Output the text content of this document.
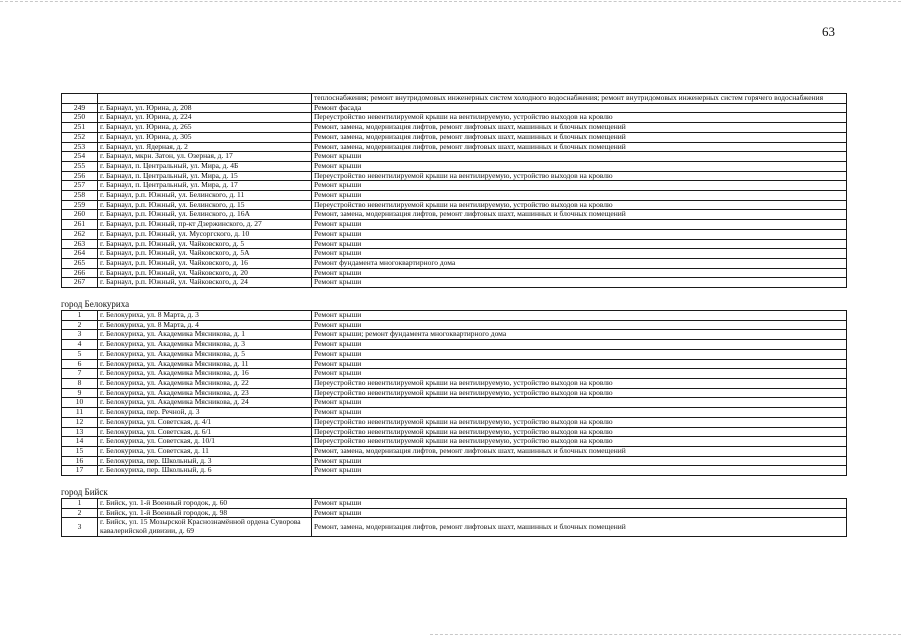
63
		теплоснабжения; ремонт внутридомовых инженерных систем холодного водоснабжения; ремонт внутридомовых инженерных систем горячего водоснабжения
249	г. Барнаул, ул. Юрина, д. 208	Ремонт фасада
250	г. Барнаул, ул. Юрина, д. 224	Переустройство невентилируемой крыши на вентилируемую, устройство выходов на кровлю
251	г. Барнаул, ул. Юрина, д. 265	Ремонт, замена, модернизация лифтов, ремонт лифтовых шахт, машинных и блочных помещений
252	г. Барнаул, ул. Юрина, д. 305	Ремонт, замена, модернизация лифтов, ремонт лифтовых шахт, машинных и блочных помещений
253	г. Барнаул, ул. Ядерная, д. 2	Ремонт, замена, модернизация лифтов, ремонт лифтовых шахт, машинных и блочных помещений
254	г. Барнаул, мкрн. Затон, ул. Озерная, д. 17	Ремонт крыши
255	г. Барнаул, п. Центральный, ул. Мира, д. 4Б	Ремонт крыши
256	г. Барнаул, п. Центральный, ул. Мира, д. 15	Переустройство невентилируемой крыши на вентилируемую, устройство выходов на кровлю
257	г. Барнаул, п. Центральный, ул. Мира, д. 17	Ремонт крыши
258	г. Барнаул, р.п. Южный, ул. Белинского, д. 11	Ремонт крыши
259	г. Барнаул, р.п. Южный, ул. Белинского, д. 15	Переустройство невентилируемой крыши на вентилируемую, устройство выходов на кровлю
260	г. Барнаул, р.п. Южный, ул. Белинского, д. 16А	Ремонт, замена, модернизация лифтов, ремонт лифтовых шахт, машинных и блочных помещений
261	г. Барнаул, р.п. Южный, пр-кт Дзержинского, д. 27	Ремонт крыши
262	г. Барнаул, р.п. Южный, ул. Мусоргского, д. 10	Ремонт крыши
263	г. Барнаул, р.п. Южный, ул. Чайковского, д. 5	Ремонт крыши
264	г. Барнаул, р.п. Южный, ул. Чайковского, д. 5А	Ремонт крыши
265	г. Барнаул, р.п. Южный, ул. Чайковского, д. 16	Ремонт фундамента многоквартирного дома
266	г. Барнаул, р.п. Южный, ул. Чайковского, д. 20	Ремонт крыши
267	г. Барнаул, р.п. Южный, ул. Чайковского, д. 24	Ремонт крыши
город Белокуриха
1	г. Белокуриха, ул. 8 Марта, д. 3	Ремонт крыши
2	г. Белокуриха, ул. 8 Марта, д. 4	Ремонт крыши
3	г. Белокуриха, ул. Академика Мясникова, д. 1	Ремонт крыши; ремонт фундамента многоквартирного дома
4	г. Белокуриха, ул. Академика Мясникова, д. 3	Ремонт крыши
5	г. Белокуриха, ул. Академика Мясникова, д. 5	Ремонт крыши
6	г. Белокуриха, ул. Академика Мясникова, д. 11	Ремонт крыши
7	г. Белокуриха, ул. Академика Мясникова, д. 16	Ремонт крыши
8	г. Белокуриха, ул. Академика Мясникова, д. 22	Переустройство невентилируемой крыши на вентилируемую, устройство выходов на кровлю
9	г. Белокуриха, ул. Академика Мясникова, д. 23	Переустройство невентилируемой крыши на вентилируемую, устройство выходов на кровлю
10	г. Белокуриха, ул. Академика Мясникова, д. 24	Ремонт крыши
11	г. Белокуриха, пер. Речной, д. 3	Ремонт крыши
12	г. Белокуриха, ул. Советская, д. 4/1	Переустройство невентилируемой крыши на вентилируемую, устройство выходов на кровлю
13	г. Белокуриха, ул. Советская, д. 6/1	Переустройство невентилируемой крыши на вентилируемую, устройство выходов на кровлю
14	г. Белокуриха, ул. Советская, д. 10/1	Переустройство невентилируемой крыши на вентилируемую, устройство выходов на кровлю
15	г. Белокуриха, ул. Советская, д. 11	Ремонт, замена, модернизация лифтов, ремонт лифтовых шахт, машинных и блочных помещений
16	г. Белокуриха, пер. Школьный, д. 3	Ремонт крыши
17	г. Белокуриха, пер. Школьный, д. 6	Ремонт крыши
город Бийск
1	г. Бийск, ул. 1-й Военный городок, д. 60	Ремонт крыши
2	г. Бийск, ул. 1-й Военный городок, д. 98	Ремонт крыши
3	г. Бийск, ул. 15 Мозырской Краснознамённой ордена Суворова кавалерийской дивизии, д. 69	Ремонт, замена, модернизация лифтов, ремонт лифтовых шахт, машинных и блочных помещений
